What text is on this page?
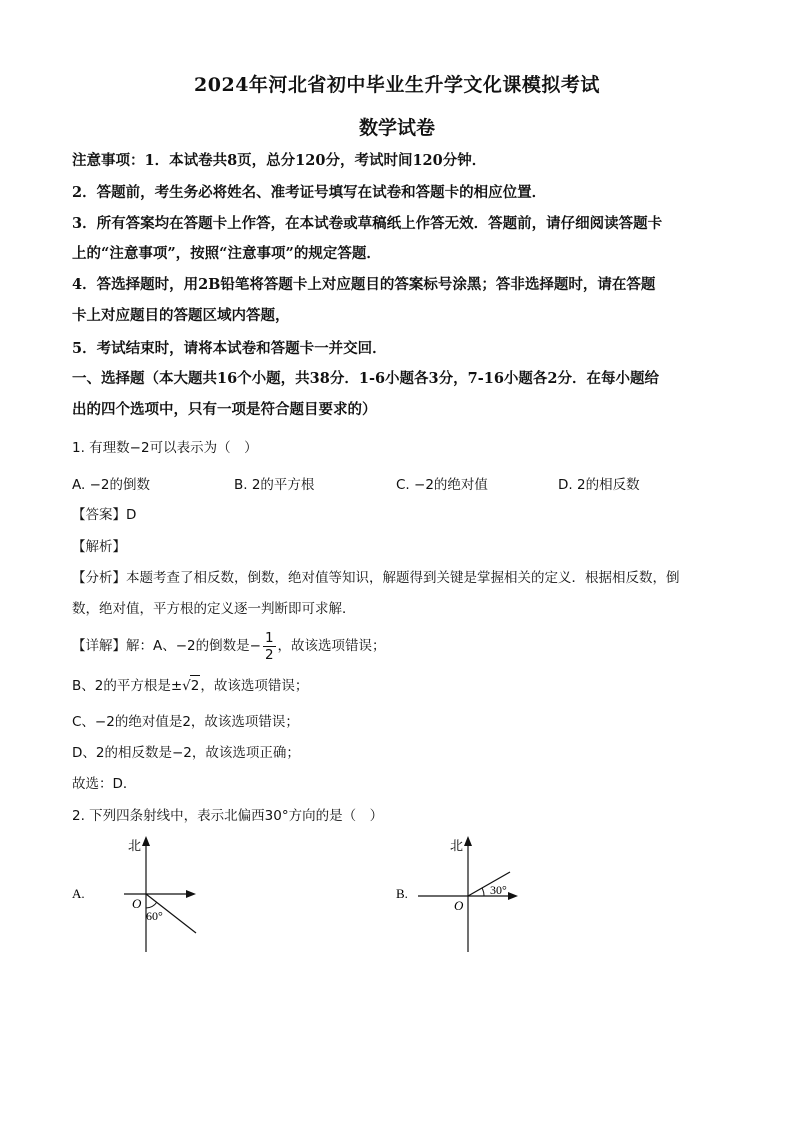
2024年河北省初中毕业生升学文化课模拟考试
数学试卷
注意事项：1．本试卷共8页，总分120分，考试时间120分钟．
2．答题前，考生务必将姓名、准考证号填写在试卷和答题卡的相应位置．
3．所有答案均在答题卡上作答，在本试卷或草稿纸上作答无效．答题前，请仔细阅读答题卡
上的“注意事项”，按照“注意事项”的规定答题．
4．答选择题时，用2B铅笔将答题卡上对应题目的答案标号涂黑；答非选择题时，请在答题
卡上对应题目的答题区域内答题，
5．考试结束时，请将本试卷和答题卡一并交回．
一、选择题（本大题共16个小题，共38分．1-6小题各3分，7-16小题各2分．在每小题给
出的四个选项中，只有一项是符合题目要求的）
1. 有理数−2可以表示为（　）
A. −2的倒数	B. 2的平方根	C. −2的绝对值	D. 2的相反数
【答案】D
【解析】
【分析】本题考查了相反数，倒数，绝对值等知识，解题得到关键是掌握相关的定义．根据相反数，倒
数，绝对值，平方根的定义逐一判断即可求解．
【详解】解：A、−2的倒数是− $\frac{1}{2}$ ，故该选项错误；
B、2的平方根是±√2，故该选项错误；
C、−2的绝对值是2，故该选项错误；
D、2的相反数是−2，故该选项正确；
故选：D．
2. 下列四条射线中，表示北偏西30°方向的是（　）
A.
北
O
60°
B.
北
O
30°
